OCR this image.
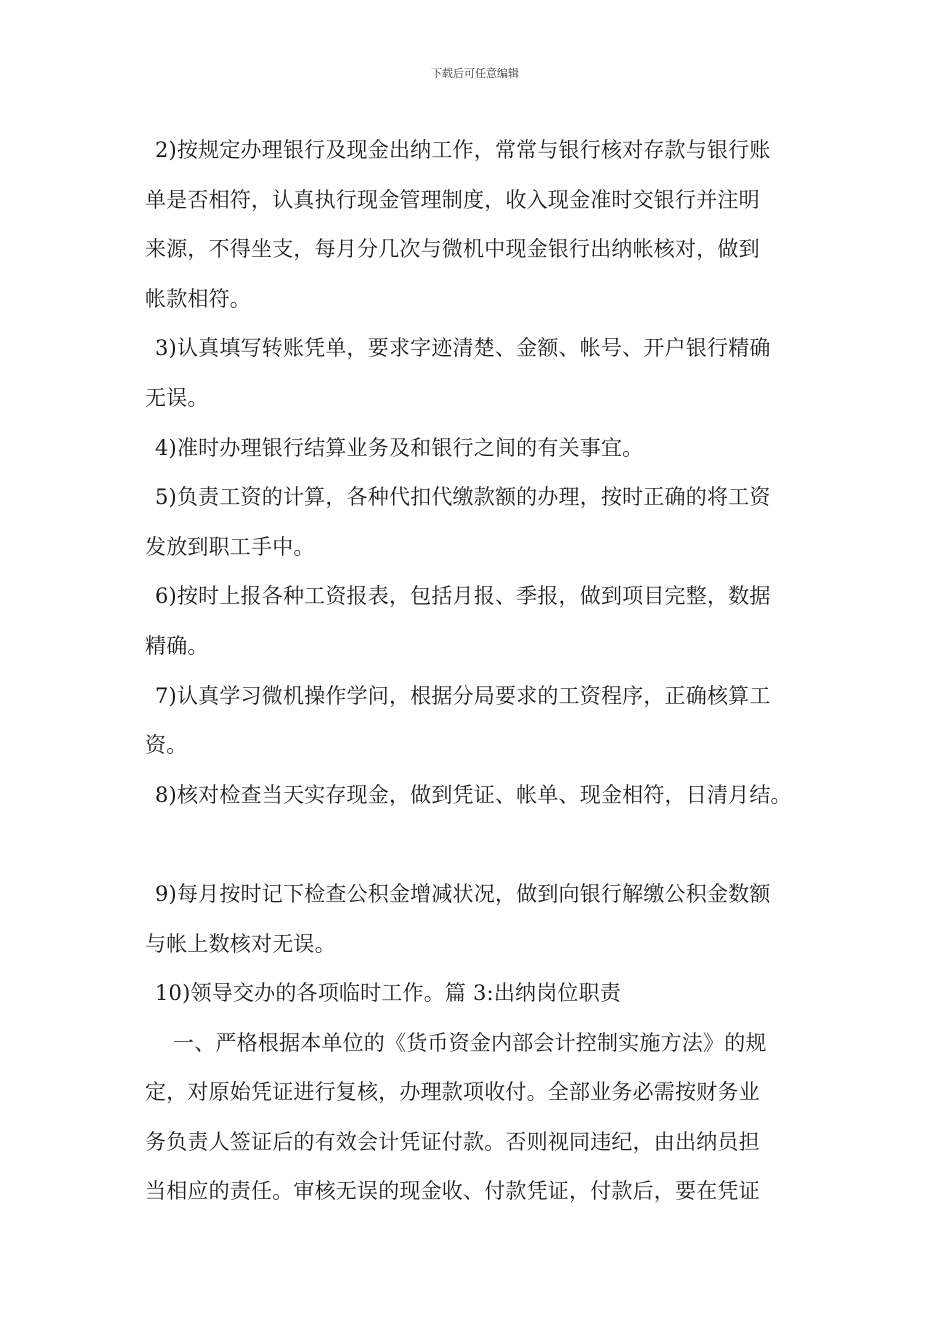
下载后可任意编辑
2)按规定办理银行及现金出纳工作，常常与银行核对存款与银行账
单是否相符，认真执行现金管理制度，收入现金准时交银行并注明
来源，不得坐支，每月分几次与微机中现金银行出纳帐核对，做到
帐款相符。
3)认真填写转账凭单，要求字迹清楚、金额、帐号、开户银行精确
无误。
4)准时办理银行结算业务及和银行之间的有关事宜。
5)负责工资的计算，各种代扣代缴款额的办理，按时正确的将工资
发放到职工手中。
6)按时上报各种工资报表，包括月报、季报，做到项目完整，数据
精确。
7)认真学习微机操作学问，根据分局要求的工资程序，正确核算工
资。
8)核对检查当天实存现金，做到凭证、帐单、现金相符，日清月结。
9)每月按时记下检查公积金增减状况，做到向银行解缴公积金数额
与帐上数核对无误。
10)领导交办的各项临时工作。篇 3:出纳岗位职责
一、严格根据本单位的《货币资金内部会计控制实施方法》的规
定，对原始凭证进行复核，办理款项收付。全部业务必需按财务业
务负责人签证后的有效会计凭证付款。否则视同违纪，由出纳员担
当相应的责任。审核无误的现金收、付款凭证，付款后，要在凭证
